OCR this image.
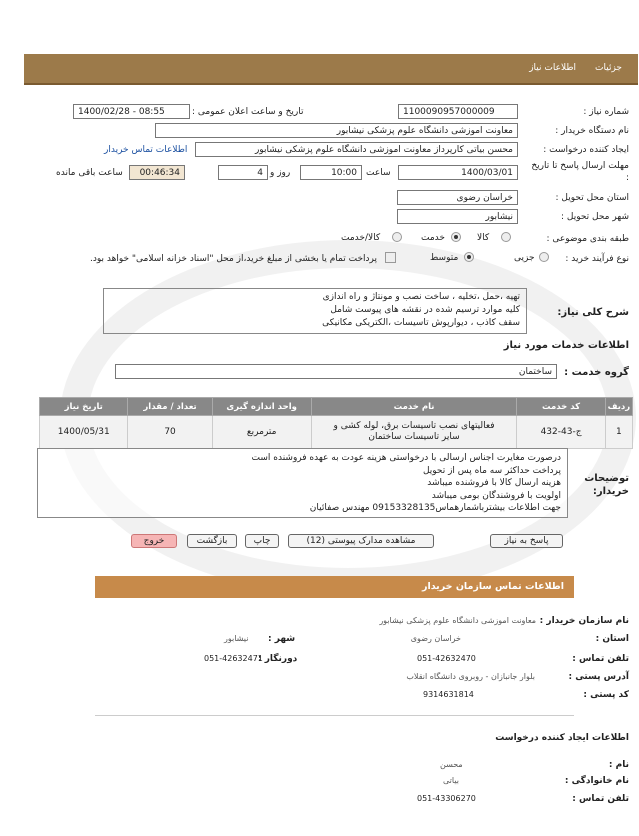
جزئیات
اطلاعات نیاز
شماره نیاز :
1100090957000009
تاریخ و ساعت اعلان عمومی :
1400/02/28 - 08:55
نام دستگاه خریدار :
معاونت اموزشی دانشگاه علوم پزشکی نیشابور
ایجاد کننده درخواست :
محسن بیاتی کارپرداز معاونت اموزشی دانشگاه علوم پزشکی نیشابور
اطلاعات تماس خریدار
مهلت ارسال پاسخ تا تاریخ :
1400/03/01
ساعت
10:00
روز و
4
00:46:34
ساعت باقی مانده
استان محل تحویل :
خراسان رضوی
شهر محل تحویل :
نیشابور
طبقه بندی موضوعی :
کالا
خدمت
کالا/خدمت
نوع فرآیند خرید :
جزیی
متوسط
پرداخت تمام یا بخشی از مبلغ خرید،از محل "اسناد خزانه اسلامی" خواهد بود.
شرح کلی نیاز:
تهیه ،حمل ،تخلیه ، ساخت نصب و مونتاژ و راه اندازی
کلیه موارد ترسیم شده در نقشه های پیوست شامل
سقف کاذب ، دیوارپوش تاسیسات ،الکتریکی مکانیکی
اطلاعات خدمات مورد نیاز
گروه خدمت :
ساختمان
ردیف	کد خدمت	نام خدمت	واحد اندازه گیری	تعداد / مقدار	تاریخ نیاز
1	ج-43-432	فعالیتهای نصب تاسیسات برق، لوله کشی و
سایر تاسیسات ساختمان	مترمربع	70	1400/05/31
توضیحات خریدار:
درصورت مغایرت اجناس ارسالی با درخواستی هزینه عودت به عهده فروشنده است
پرداخت حداکثر سه ماه پس از تحویل
هزینه ارسال کالا با فروشنده میباشد
اولویت با فروشندگان بومی میباشد
جهت اطلاعات بیشترباشمارهماس09153328135 مهندس صفائیان
پاسخ به نیاز
مشاهده مدارک پیوستی (12)
چاپ
بازگشت
خروج
اطلاعات تماس سازمان خریدار
نام سازمان خریدار :
معاونت اموزشی دانشگاه علوم پزشکی نیشابور
استان :
خراسان رضوی
شهر :
نیشابور
تلفن تماس :
051-42632470
دورنگار :
051-42632471
آدرس پستی :
بلوار جانبازان - روبروی دانشگاه انقلاب
کد پستی :
9314631814
اطلاعات ایجاد کننده درخواست
نام :
محسن
نام خانوادگی :
بیاتی
تلفن تماس :
051-43306270
